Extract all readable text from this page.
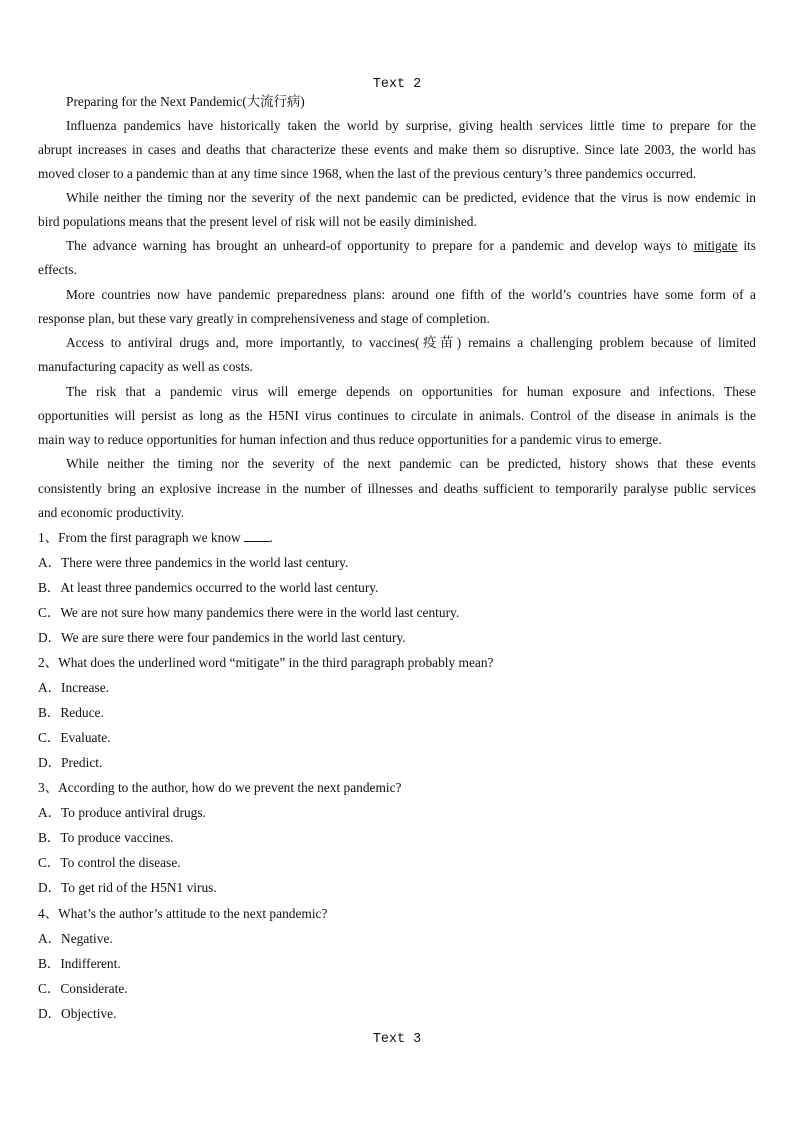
Text 2
Preparing for the Next Pandemic(大流行病)
Influenza pandemics have historically taken the world by surprise, giving health services little time to prepare for the
abrupt increases in cases and deaths that characterize these events and make them so disruptive. Since late 2003, the world has
moved closer to a pandemic than at any time since 1968, when the last of the previous century’s three pandemics occurred.
While neither the timing nor the severity of the next pandemic can be predicted, evidence that the virus is now endemic in
bird populations means that the present level of risk will not be easily diminished.
The advance warning has brought an unheard-of opportunity to prepare for a pandemic and develop ways to mitigate its
effects.
More countries now have pandemic preparedness plans: around one fifth of the world’s countries have some form of a
response plan, but these vary greatly in comprehensiveness and stage of completion.
Access to antiviral drugs and, more importantly, to vaccines(疫苗) remains a challenging problem because of limited
manufacturing capacity as well as costs.
The risk that a pandemic virus will emerge depends on opportunities for human exposure and infections. These
opportunities will persist as long as the H5NI virus continues to circulate in animals. Control of the disease in animals is the
main way to reduce opportunities for human infection and thus reduce opportunities for a pandemic virus to emerge.
While neither the timing nor the severity of the next pandemic can be predicted, history shows that these events
consistently bring an explosive increase in the number of illnesses and deaths sufficient to temporarily paralyse public services
and economic productivity.
1、From the first paragraph we know .
A．There were three pandemics in the world last century.
B．At least three pandemics occurred to the world last century.
C．We are not sure how many pandemics there were in the world last century.
D．We are sure there were four pandemics in the world last century.
2、What does the underlined word “mitigate” in the third paragraph probably mean?
A．Increase.
B．Reduce.
C．Evaluate.
D．Predict.
3、According to the author, how do we prevent the next pandemic?
A．To produce antiviral drugs.
B．To produce vaccines.
C．To control the disease.
D．To get rid of the H5N1 virus.
4、What’s the author’s attitude to the next pandemic?
A．Negative.
B．Indifferent.
C．Considerate.
D．Objective.
Text 3
